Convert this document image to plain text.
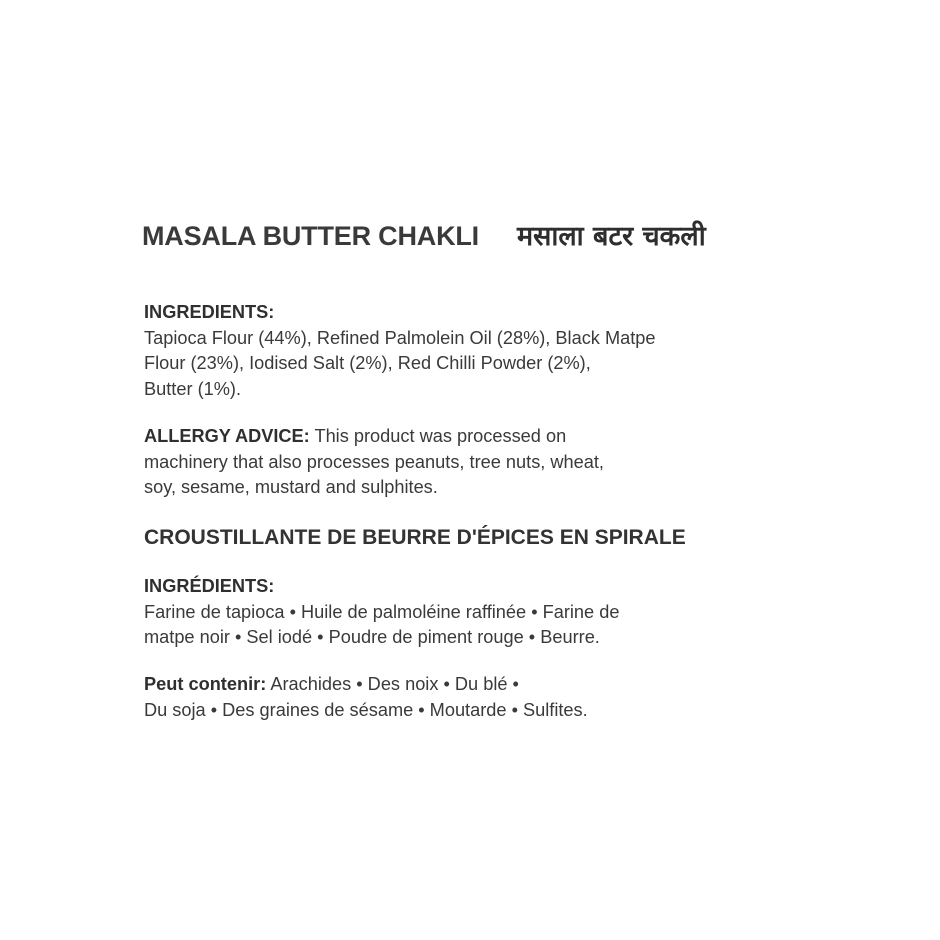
MASALA BUTTER CHAKLI मसाला बटर चकली
INGREDIENTS:
Tapioca Flour (44%), Refined Palmolein Oil (28%), Black Matpe
Flour (23%), Iodised Salt (2%), Red Chilli Powder (2%),
Butter (1%).
ALLERGY ADVICE: This product was processed on
machinery that also processes peanuts, tree nuts, wheat,
soy, sesame, mustard and sulphites.
CROUSTILLANTE DE BEURRE D'ÉPICES EN SPIRALE
INGRÉDIENTS:
Farine de tapioca • Huile de palmoléine raffinée • Farine de
matpe noir • Sel iodé • Poudre de piment rouge • Beurre.
Peut contenir: Arachides • Des noix • Du blé •
Du soja • Des graines de sésame • Moutarde • Sulfites.
